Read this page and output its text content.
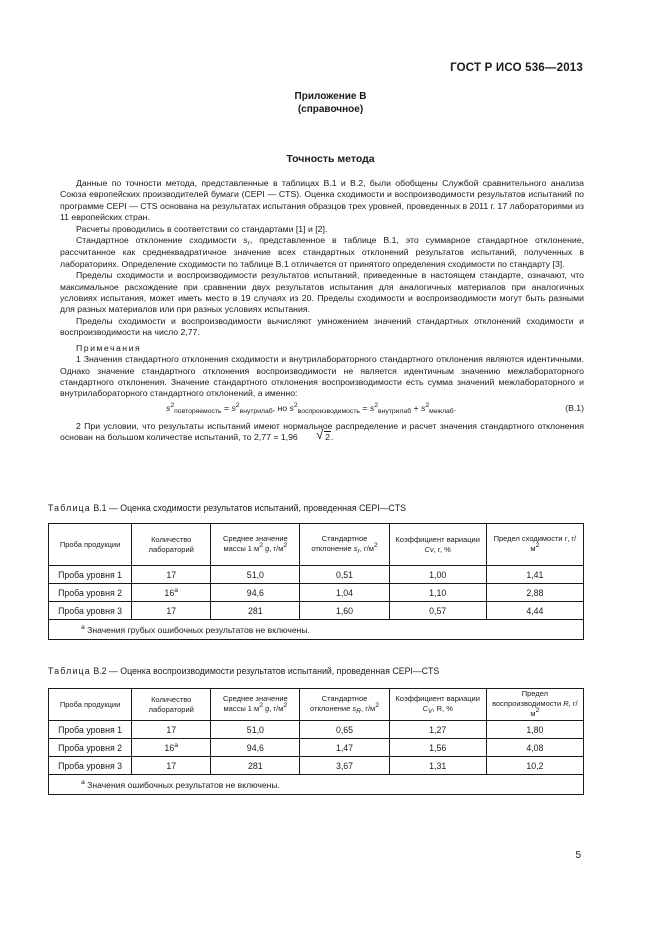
ГОСТ Р ИСО 536—2013
Приложение В
(справочное)
Точность метода

Данные по точности метода, представленные в таблицах В.1 и В.2, были обобщены Службой сравнительного анализа Союза европейских производителей бумаги (СЕРI — CTS). Оценка сходимости и воспроизводимости результатов испытаний по программе СЕРI — CTS основана на результатах испытания образцов трех уровней, проведенных в 2011 г. 17 лабораториями из 11 европейских стран.

Расчеты проводились в соответствии со стандартами [1] и [2].

Стандартное отклонение сходимости $s_r$, представленное в таблице В.1, это суммарное стандартное отклонение, рассчитанное как среднеквадратичное значение всех стандартных отклонений результатов испытаний, полученных в лабораториях. Определение сходимости по таблице В.1 отличается от принятого определения сходимости по стандарту [3].

Пределы сходимости и воспроизводимости результатов испытаний, приведенные в настоящем стандарте, означают, что максимальное расхождение при сравнении двух результатов испытания для аналогичных материалов при аналогичных условиях испытания, может иметь место в 19 случаях из 20. Пределы сходимости и воспроизводимости могут быть разными для разных материалов или при разных условиях испытания.

Пределы сходимости и воспроизводимости вычисляют умножением значений стандартных отклонений сходимости и воспроизводимости на число 2,77.

Примечания

1 Значения стандартного отклонения сходимости и внутрилабораторного стандартного отклонения являются идентичными. Однако значение стандартного отклонения воспроизводимости не является идентичным значению межлабораторного стандартного отклонения. Значение стандартного отклонения воспроизводимости есть сумма значений межлабораторного и внутрилабораторного стандартного отклонений, а именно:

$s^2_{повторяемость} = s^2_{внутрилаб}$, но $s^2_{воспроизводимость} = s^2_{внутрилаб} + s^2_{межлаб}$.	(В.1)

2 При условии, что результаты испытаний имеют нормальное распределение и расчет значения стандартного отклонения основан на большом количестве испытаний, то 2,77 = 1,96	√ 2.

Таблица В.1 — Оценка сходимости результатов испытаний, проведенная СЕРI—CTS
Проба продукции	Количество лабораторий	Среднее значение массы 1 м2 g, г/м2	Стандартное отклонение sr, г/м2	Коэффициент вариации Cv, r, %	Предел сходимости r, г/м2
Проба уровня 1	17	51,0	0,51	1,00	1,41
Проба уровня 2	16$^a$	94,6	1,04	1,10	2,88
Проба уровня 3	17	281	1,60	0,57	4,44
$^a$ Значения грубых ошибочных результатов не включены.					
Таблица В.2 — Оценка воспроизводимости результатов испытаний, проведенная СЕРI—CTS
Проба продукции	Количество лабораторий	Среднее значение массы 1 м2 g, г/м2	Стандартное отклонение sR, г/м2	Коэффициент вариации CV, R, %	Предел воспроизводимости R, г/м2
Проба уровня 1	17	51,0	0,65	1,27	1,80
Проба уровня 2	16$^a$	94,6	1,47	1,56	4,08
Проба уровня 3	17	281	3,67	1,31	10,2
$^a$ Значения ошибочных результатов не включены.					
5
